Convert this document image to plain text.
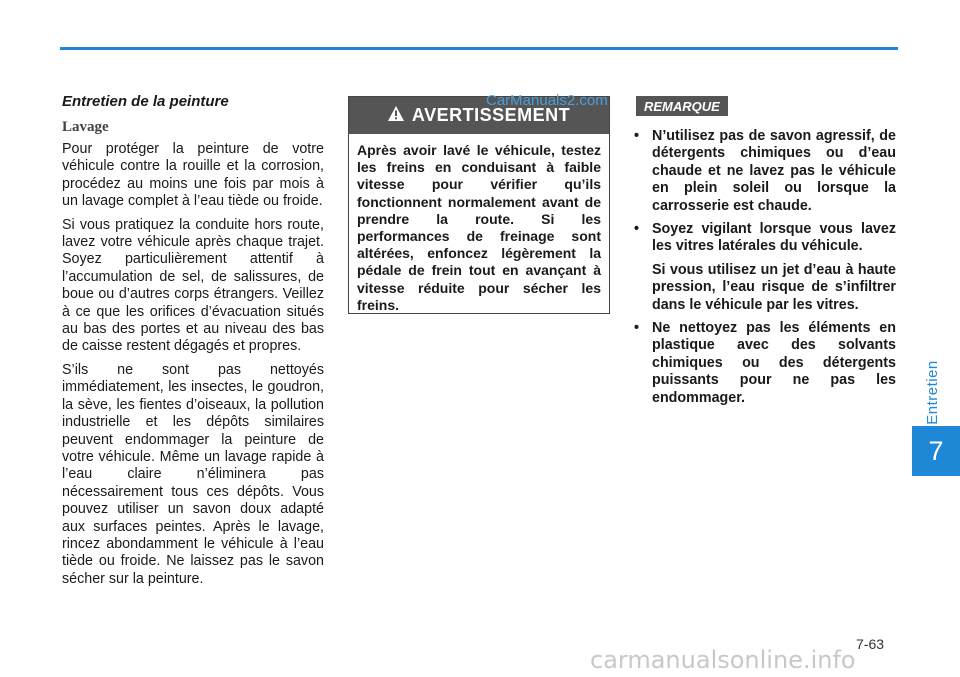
Entretien
7
Entretien de la peinture
Lavage

Pour protéger la peinture de votre véhicule contre la rouille et la corrosion, procédez au moins une fois par mois à un lavage complet à l’eau tiède ou froide.

Si vous pratiquez la conduite hors route, lavez votre véhicule après chaque trajet. Soyez particulièrement attentif à l’accumulation de sel, de salissures, de boue ou d’autres corps étrangers. Veillez à ce que les orifices d’évacuation situés au bas des portes et au niveau des bas de caisse restent dégagés et propres.

S’ils ne sont pas nettoyés immédiatement, les insectes, le goudron, la sève, les fientes d’oiseaux, la pollution industrielle et les dépôts similaires peuvent endommager la peinture de votre véhicule. Même un lavage rapide à l’eau claire n’éliminera pas nécessairement tous ces dépôts. Vous pouvez utiliser un savon doux adapté aux surfaces peintes. Après le lavage, rincez abondamment le véhicule à l’eau tiède ou froide. Ne laissez pas le savon sécher sur la peinture.

AVERTISSEMENT
Après avoir lavé le véhicule, testez les freins en conduisant à faible vitesse pour vérifier qu’ils fonctionnent normalement avant de prendre la route. Si les performances de freinage sont altérées, enfoncez légèrement la pédale de frein tout en avançant à vitesse réduite pour sécher les freins.
CarManuals2.com	REMARQUE
• N’utilisez pas de savon agressif, de détergents chimiques ou d’eau chaude et ne lavez pas le véhicule en plein soleil ou lorsque la carrosserie est chaude.

• Soyez vigilant lorsque vous lavez les vitres latérales du véhicule.

Si vous utilisez un jet d’eau à haute pression, l’eau risque de s’infiltrer dans le véhicule par les vitres.

• Ne nettoyez pas les éléments en plastique avec des solvants chimiques ou des détergents puissants pour ne pas les endommager.

7-63
carmanualsonline.info
